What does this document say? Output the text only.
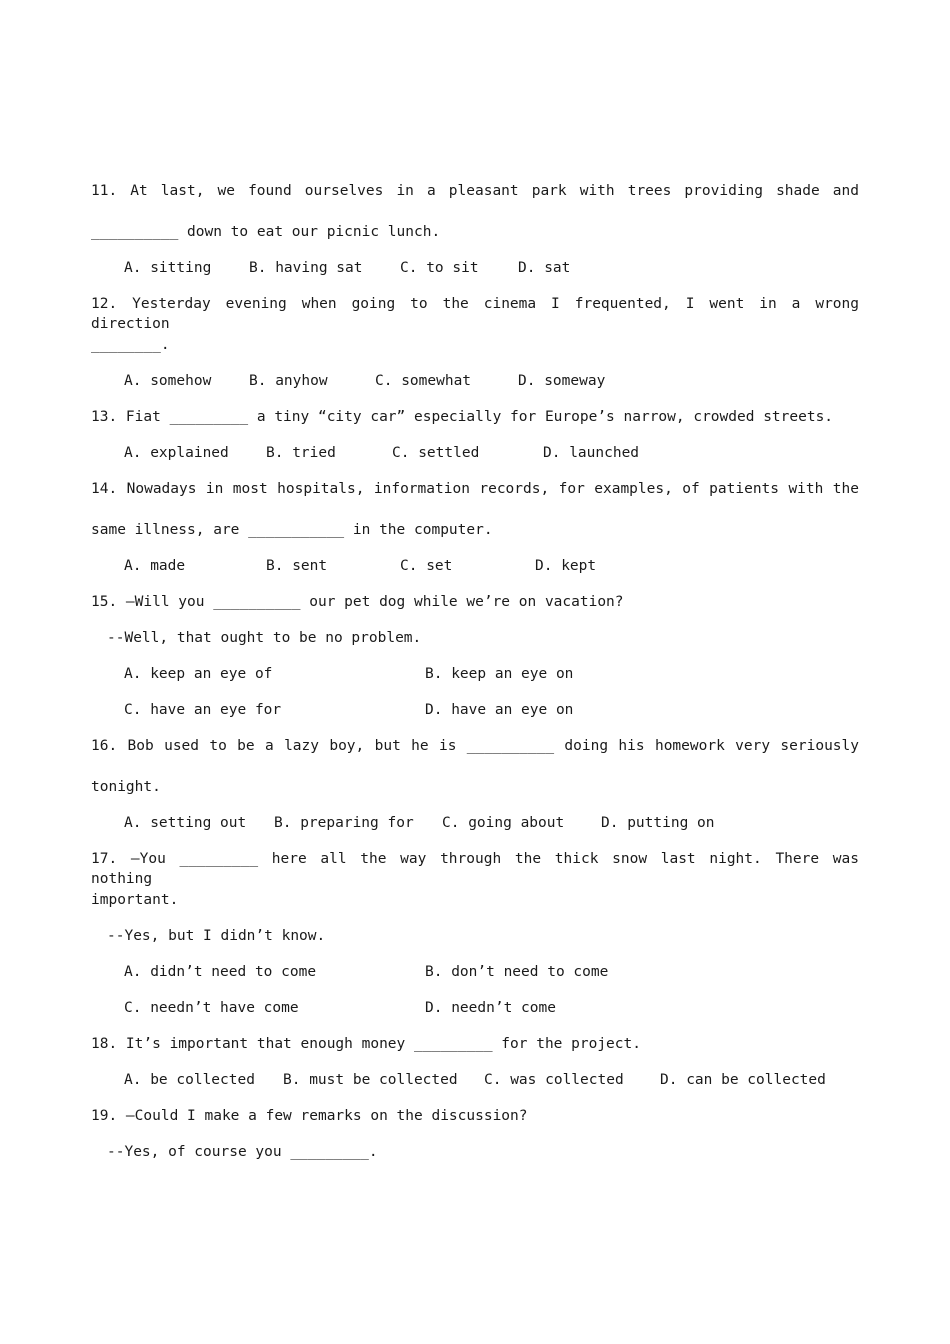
11. At last, we found ourselves in a pleasant park with trees providing shade and
__________ down to eat our picnic lunch.
A. sitting	B. having sat	C. to sit	D. sat
12. Yesterday evening when going to the cinema I frequented, I went in a wrong direction
________.
A. somehow	B. anyhow	C. somewhat	D. someway
13. Fiat _________ a tiny “city car” especially for Europe’s narrow, crowded streets.
A. explained	B. tried	C. settled	D. launched
14. Nowadays in most hospitals, information records, for examples, of patients with the
same illness, are ___________ in the computer.
A. made	B. sent	C. set	D. kept
15. –Will you __________ our pet dog while we’re on vacation?
--Well, that ought to be no problem.
A. keep an eye of	B. keep an eye on
C. have an eye for	D. have an eye on
16. Bob used to be a lazy boy, but he is __________ doing his homework very seriously
tonight.
A. setting out B. preparing for C. going about	D. putting on
17. –You _________ here all the way through the thick snow last night. There was nothing
important.
--Yes, but I didn’t know.
A. didn’t need to come	B. don’t need to come
C. needn’t have come	D. needn’t come
18. It’s important that enough money _________ for the project.
A. be collected B. must be collected C. was collected	D. can be collected
19. –Could I make a few remarks on the discussion?
--Yes, of course you _________.
